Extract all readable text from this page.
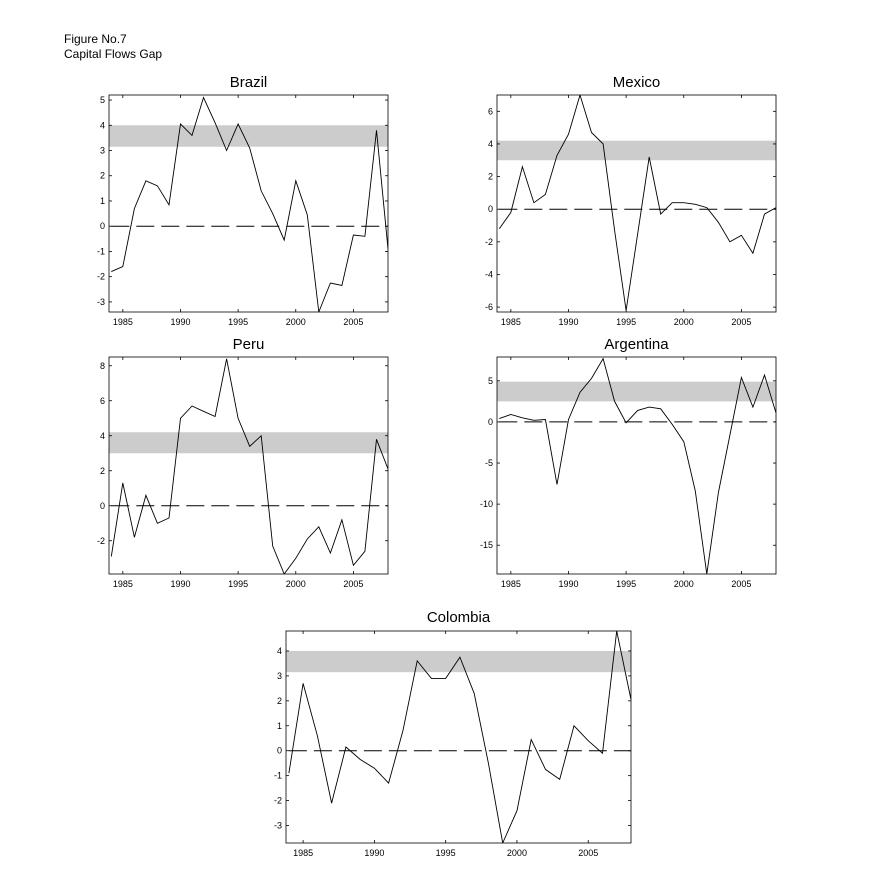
Figure No.7
Capital Flows Gap
Brazil
-3
-2
-1
0
1
2
3
4
5
1985	1990	1995	2000	2005
Mexico
-6
-4
-2
0
2
4
6
1985	1990	1995	2000	2005
Peru
-2
0
2
4
6
8
1985	1990	1995	2000	2005
Argentina
-15
-10
-5
0
5
1985	1990	1995	2000	2005
Colombia
-3
-2
-1
0
1
2
3
4
1985	1990	1995	2000	2005
